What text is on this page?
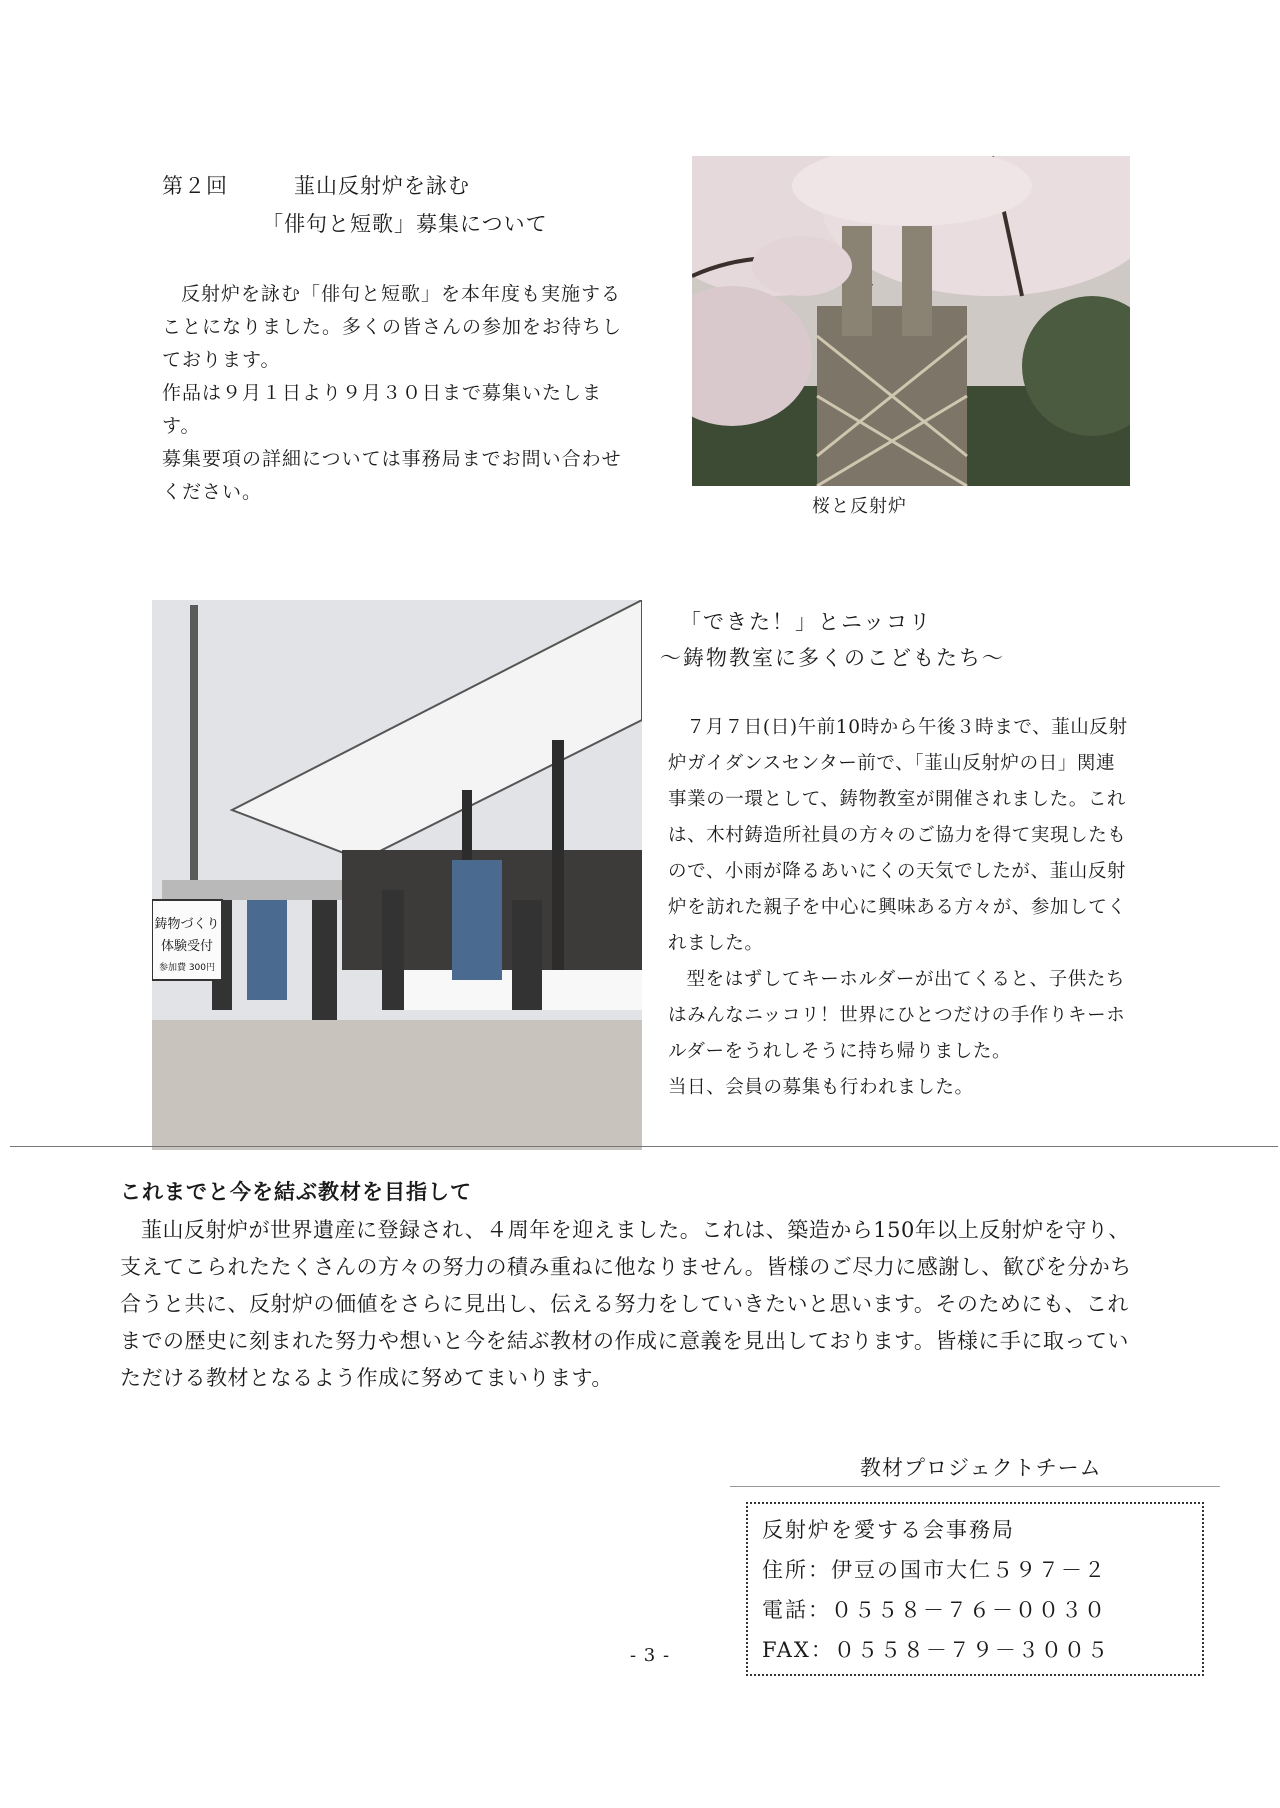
第２回　　　韮山反射炉を詠む
「俳句と短歌」募集について

反射炉を詠む「俳句と短歌」を本年度も実施することになりました。多くの皆さんの参加をお待ちしております。

作品は９月１日より９月３０日まで募集いたします。

募集要項の詳細については事務局までお問い合わせください。

桜と反射炉
鋳物づくり
体験受付
参加費 300円
「できた！」とニッコリ
～鋳物教室に多くのこどもたち～

７月７日(日)午前10時から午後３時まで、韮山反射炉ガイダンスセンター前で、「韮山反射炉の日」関連事業の一環として、鋳物教室が開催されました。これは、木村鋳造所社員の方々のご協力を得て実現したもので、小雨が降るあいにくの天気でしたが、韮山反射炉を訪れた親子を中心に興味ある方々が、参加してくれました。

型をはずしてキーホルダーが出てくると、子供たちはみんなニッコリ！世界にひとつだけの手作りキーホルダーをうれしそうに持ち帰りました。

当日、会員の募集も行われました。

これまでと今を結ぶ教材を目指して

韮山反射炉が世界遺産に登録され、４周年を迎えました。これは、築造から150年以上反射炉を守り、支えてこられたたくさんの方々の努力の積み重ねに他なりません。皆様のご尽力に感謝し、歓びを分かち合うと共に、反射炉の価値をさらに見出し、伝える努力をしていきたいと思います。そのためにも、これまでの歴史に刻まれた努力や想いと今を結ぶ教材の作成に意義を見出しております。皆様に手に取っていただける教材となるよう作成に努めてまいります。

教材プロジェクトチーム
反射炉を愛する会事務局
住所：伊豆の国市大仁５９７－２
電話：０５５８－７６－００３０
FAX：０５５８－７９－３００５
- 3 -
